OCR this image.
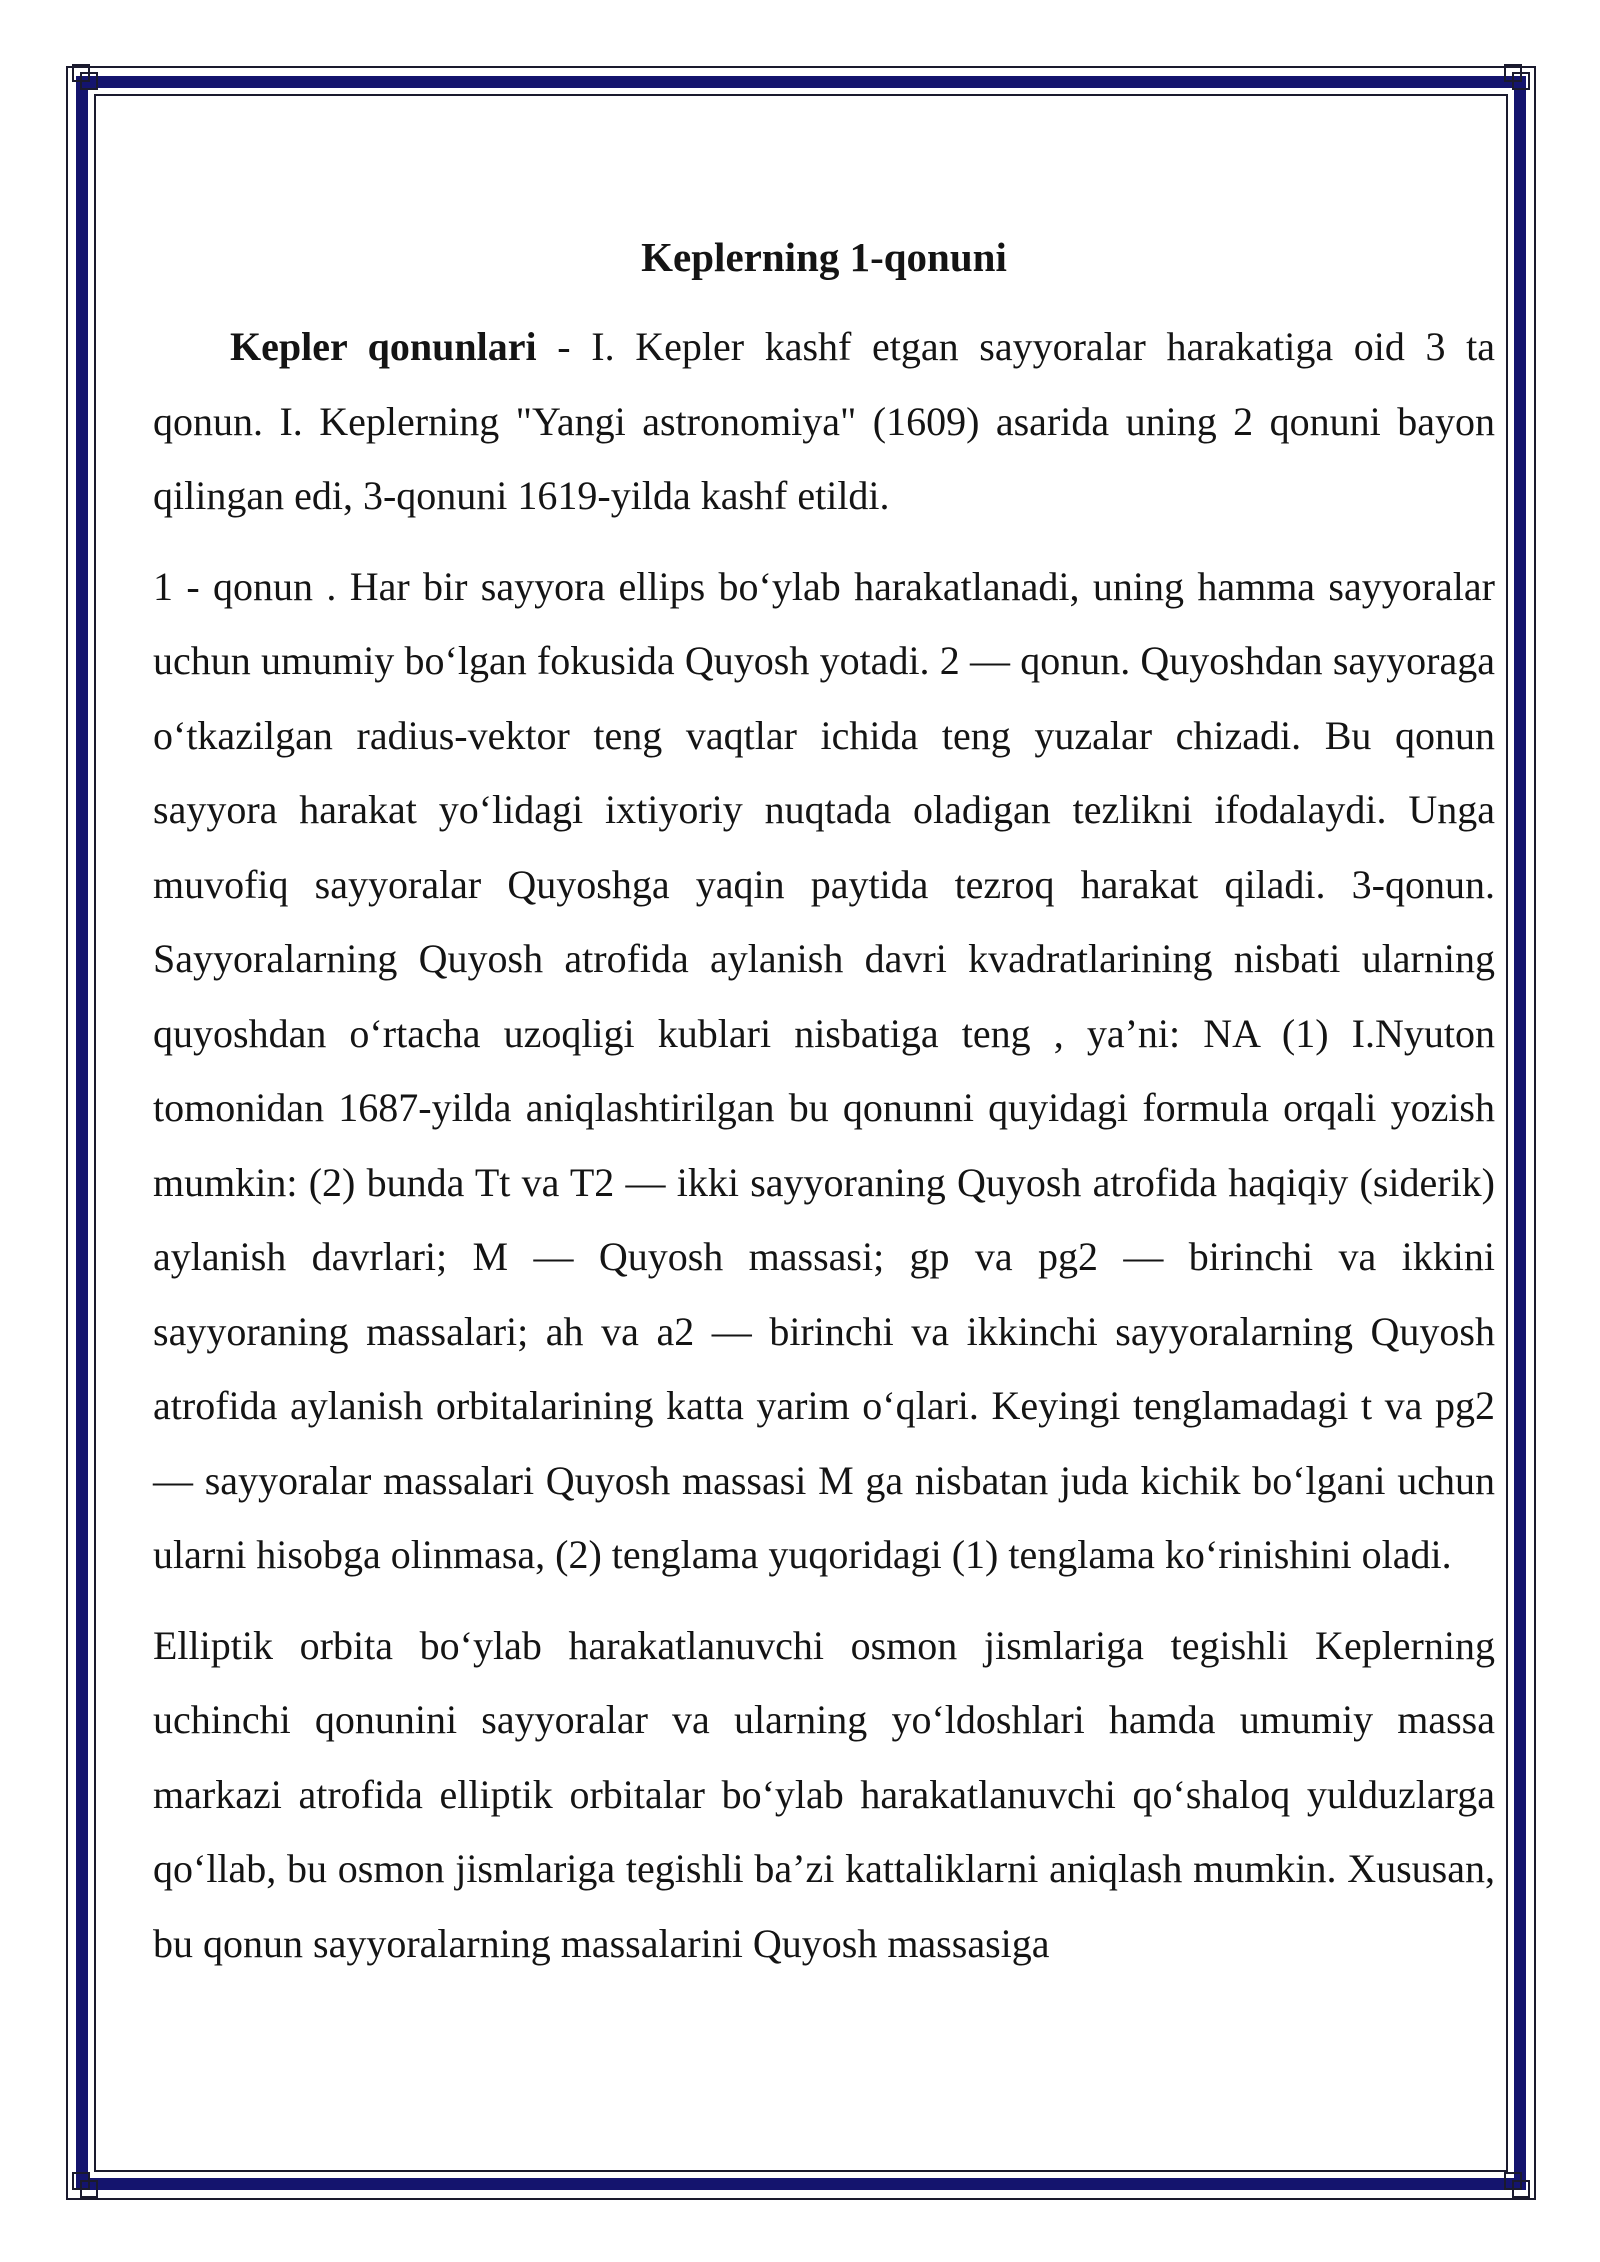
Keplerning 1-qonuni

Kepler qonunlari - I. Kepler kashf etgan sayyoralar harakatiga oid 3 ta qonun. I. Keplerning "Yangi astronomiya" (1609) asarida uning 2 qonuni bayon qilingan edi, 3-qonuni 1619-yilda kashf etildi.

1 - qonun . Har bir sayyora ellips bo‘ylab harakatlanadi, uning hamma sayyoralar uchun umumiy bo‘lgan fokusida Quyosh yotadi. 2 — qonun. Quyoshdan sayyoraga o‘tkazilgan radius-vektor teng vaqtlar ichida teng yuzalar chizadi. Bu qonun sayyora harakat yo‘lidagi ixtiyoriy nuqtada oladigan tezlikni ifodalaydi. Unga muvofiq sayyoralar Quyoshga yaqin paytida tezroq harakat qiladi. 3-qonun. Sayyoralarning Quyosh atrofida aylanish davri kvadratlarining nisbati ularning quyoshdan o‘rtacha uzoqligi kublari nisbatiga teng , ya’ni: NA (1) I.Nyuton tomonidan 1687-yilda aniqlashtirilgan bu qonunni quyidagi formula orqali yozish mumkin: (2) bunda Tt va T2 — ikki sayyoraning Quyosh atrofida haqiqiy (siderik) aylanish davrlari; M — Quyosh massasi; gp va pg2 — birinchi va ikkini sayyoraning massalari; ah va a2 — birinchi va ikkinchi sayyoralarning Quyosh atrofida aylanish orbitalarining katta yarim o‘qlari. Keyingi tenglamadagi t va pg2 — sayyoralar massalari Quyosh massasi M ga nisbatan juda kichik bo‘lgani uchun ularni hisobga olinmasa, (2) tenglama yuqoridagi (1) tenglama ko‘rinishini oladi.

Elliptik orbita bo‘ylab harakatlanuvchi osmon jismlariga tegishli Keplerning uchinchi qonunini sayyoralar va ularning yo‘ldoshlari hamda umumiy massa markazi atrofida elliptik orbitalar bo‘ylab harakatlanuvchi qo‘shaloq yulduzlarga qo‘llab, bu osmon jismlariga tegishli ba’zi kattaliklarni aniqlash mumkin. Xususan, bu qonun sayyoralarning massalarini Quyosh massasiga
